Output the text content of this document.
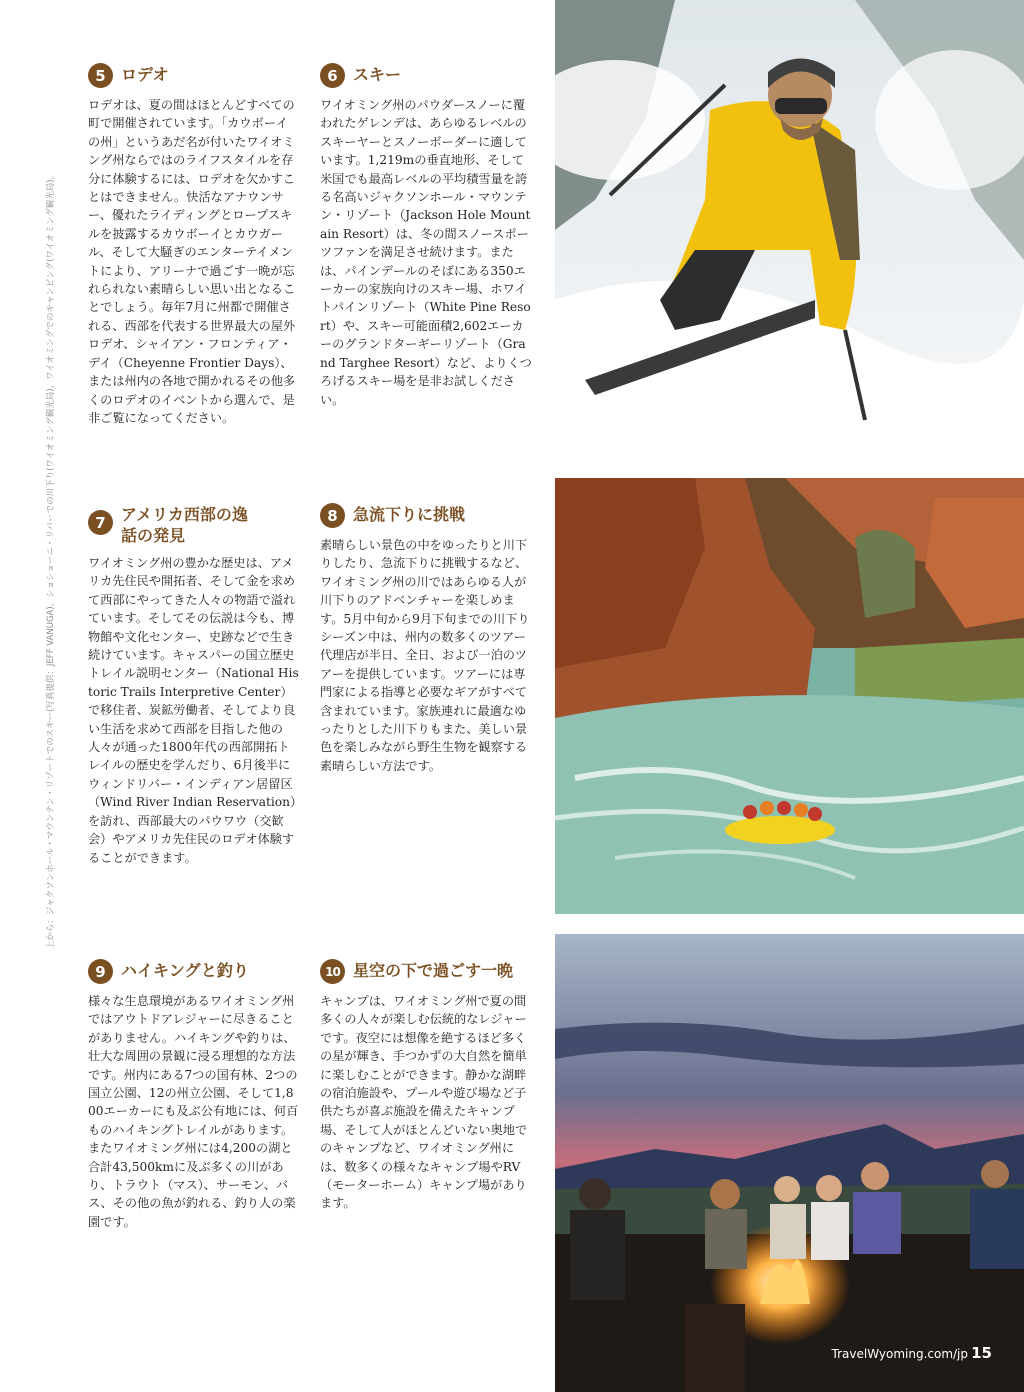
上から：ジャクソンホール・マウンテン・リゾートでのスキー(写真提供：JEFF VANUGA)、ショショーニ・リバーでの川下り(ワイオミング観光局)、ワイオミングでのキャンピング(ワイオミング観光局)。
5 ロデオ
ロデオは、夏の間はほとんどすべての町で開催されています。「カウボーイの州」というあだ名が付いたワイオミング州ならではのライフスタイルを存分に体験するには、ロデオを欠かすことはできません。快活なアナウンサー、優れたライディングとロープスキルを披露するカウボーイとカウガール、そして大騒ぎのエンターテイメントにより、アリーナで過ごす一晩が忘れられない素晴らしい思い出となることでしょう。毎年7月に州都で開催される、西部を代表する世界最大の屋外ロデオ、シャイアン・フロンティア・デイ（Cheyenne Frontier Days）、または州内の各地で開かれるその他多くのロデオのイベントから選んで、是非ご覧になってください。
6 スキー
ワイオミング州のパウダースノーに覆われたゲレンデは、あらゆるレベルのスキーヤーとスノーボーダーに適しています。1,219mの垂直地形、そして米国でも最高レベルの平均積雪量を誇る名高いジャクソンホール・マウンテン・リゾート（Jackson Hole Mountain Resort）は、冬の間スノースポーツファンを満足させ続けます。または、パインデールのそばにある350エーカーの家族向けのスキー場、ホワイトパインリゾート（White Pine Resort）や、スキー可能面積2,602エーカーのグランドターギーリゾート（Grand Targhee Resort）など、よりくつろげるスキー場を是非お試しください。
7 アメリカ西部の逸話の発見
ワイオミング州の豊かな歴史は、アメリカ先住民や開拓者、そして金を求めて西部にやってきた人々の物語で溢れています。そしてその伝説は今も、博物館や文化センター、史跡などで生き続けています。キャスパーの国立歴史トレイル説明センター（National Historic Trails Interpretive Center）で移住者、炭鉱労働者、そしてより良い生活を求めて西部を目指した他の人々が通った1800年代の西部開拓トレイルの歴史を学んだり、6月後半にウィンドリバー・インディアン居留区（Wind River Indian Reservation）を訪れ、西部最大のパウワウ（交歓会）やアメリカ先住民のロデオ体験することができます。
8 急流下りに挑戦
素晴らしい景色の中をゆったりと川下りしたり、急流下りに挑戦するなど、ワイオミング州の川ではあらゆる人が川下りのアドベンチャーを楽しめます。5月中旬から9月下旬までの川下りシーズン中は、州内の数多くのツアー代理店が半日、全日、および一泊のツアーを提供しています。ツアーには専門家による指導と必要なギアがすべて含まれています。家族連れに最適なゆったりとした川下りもまた、美しい景色を楽しみながら野生生物を観察する素晴らしい方法です。
9 ハイキングと釣り
様々な生息環境があるワイオミング州ではアウトドアレジャーに尽きることがありません。ハイキングや釣りは、壮大な周囲の景観に浸る理想的な方法です。州内にある7つの国有林、2つの国立公園、12の州立公園、そして1,800エーカーにも及ぶ公有地には、何百ものハイキングトレイルがあります。またワイオミング州には4,200の湖と合計43,500kmに及ぶ多くの川があり、トラウト（マス）、サーモン、バス、その他の魚が釣れる、釣り人の楽園です。
10 星空の下で過ごす一晩
キャンプは、ワイオミング州で夏の間多くの人々が楽しむ伝統的なレジャーです。夜空には想像を絶するほど多くの星が輝き、手つかずの大自然を簡単に楽しむことができます。静かな湖畔の宿泊施設や、プールや遊び場など子供たちが喜ぶ施設を備えたキャンプ場、そして人がほとんどいない奥地でのキャンプなど、ワイオミング州には、数多くの様々なキャンプ場やRV（モーターホーム）キャンプ場があります。
TravelWyoming.com/jp 15
